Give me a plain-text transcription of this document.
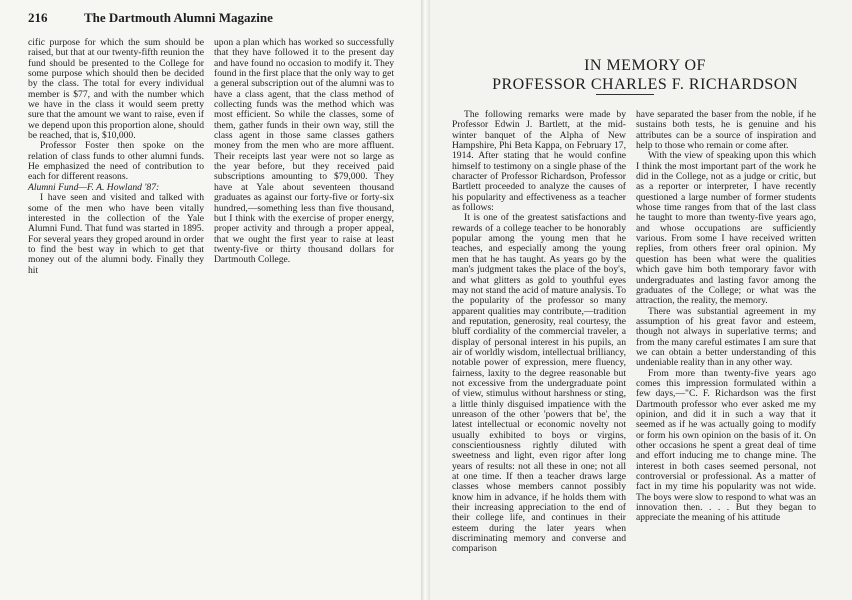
216	The Dartmouth Alumni Magazine

cific purpose for which the sum should be raised, but that at our twenty-fifth reunion the fund should be presented to the College for some purpose which should then be decided by the class. The total for every individual member is $77, and with the number which we have in the class it would seem pretty sure that the amount we want to raise, even if we depend upon this proportion alone, should be reached, that is, $10,000.

Professor Foster then spoke on the relation of class funds to other alumni funds. He emphasized the need of contribution to each for different reasons.

Alumni Fund—F. A. Howland '87:

I have seen and visited and talked with some of the men who have been vitally interested in the collection of the Yale Alumni Fund. That fund was started in 1895. For several years they groped around in order to find the best way in which to get that money out of the alumni body. Finally they hit

upon a plan which has worked so successfully that they have followed it to the present day and have found no occasion to modify it. They found in the first place that the only way to get a general subscription out of the alumni was to have a class agent, that the class method of collecting funds was the method which was most efficient. So while the classes, some of them, gather funds in their own way, still the class agent in those same classes gathers money from the men who are more affluent. Their receipts last year were not so large as the year before, but they received paid subscriptions amounting to $79,000. They have at Yale about seventeen thousand graduates as against our forty-five or forty-six hundred,—something less than five thousand, but I think with the exercise of proper energy, proper activity and through a proper appeal, that we ought the first year to raise at least twenty-five or thirty thousand dollars for Dartmouth College.

IN MEMORY OF
PROFESSOR CHARLES F. RICHARDSON

The following remarks were made by Professor Edwin J. Bartlett, at the mid-winter banquet of the Alpha of New Hampshire, Phi Beta Kappa, on February 17, 1914. After stating that he would confine himself to testimony on a single phase of the character of Professor Richardson, Professor Bartlett proceeded to analyze the causes of his popularity and effectiveness as a teacher as follows:

It is one of the greatest satisfactions and rewards of a college teacher to be honorably popular among the young men that he teaches, and especially among the young men that he has taught. As years go by the man's judgment takes the place of the boy's, and what glitters as gold to youthful eyes may not stand the acid of mature analysis. To the popularity of the professor so many apparent qualities may contribute,—tradition and reputation, generosity, real courtesy, the bluff cordiality of the commercial traveler, a display of personal interest in his pupils, an air of worldly wisdom, intellectual brilliancy, notable power of expression, mere fluency, fairness, laxity to the degree reasonable but not excessive from the undergraduate point of view, stimulus without harshness or sting, a little thinly disguised impatience with the unreason of the other 'powers that be', the latest intellectual or economic novelty not usually exhibited to boys or virgins, conscientiousness rightly diluted with sweetness and light, even rigor after long years of results: not all these in one; not all at one time. If then a teacher draws large classes whose members cannot possibly know him in advance, if he holds them with their increasing appreciation to the end of their college life, and continues in their esteem during the later years when discriminating memory and converse and comparison

have separated the baser from the noble, if he sustains both tests, he is genuine and his attributes can be a source of inspiration and help to those who remain or come after.

With the view of speaking upon this which I think the most important part of the work he did in the College, not as a judge or critic, but as a reporter or interpreter, I have recently questioned a large number of former students whose time ranges from that of the last class he taught to more than twenty-five years ago, and whose occupations are sufficiently various. From some I have received written replies, from others freer oral opinion. My question has been what were the qualities which gave him both temporary favor with undergraduates and lasting favor among the graduates of the College; or what was the attraction, the reality, the memory.

There was substantial agreement in my assumption of his great favor and esteem, though not always in superlative terms; and from the many careful estimates I am sure that we can obtain a better understanding of this undeniable reality than in any other way.

From more than twenty-five years ago comes this impression formulated within a few days,—"C. F. Richardson was the first Dartmouth professor who ever asked me my opinion, and did it in such a way that it seemed as if he was actually going to modify or form his own opinion on the basis of it. On other occasions he spent a great deal of time and effort inducing me to change mine. The interest in both cases seemed personal, not controversial or professional. As a matter of fact in my time his popularity was not wide. The boys were slow to respond to what was an innovation then. . . . But they began to appreciate the meaning of his attitude
